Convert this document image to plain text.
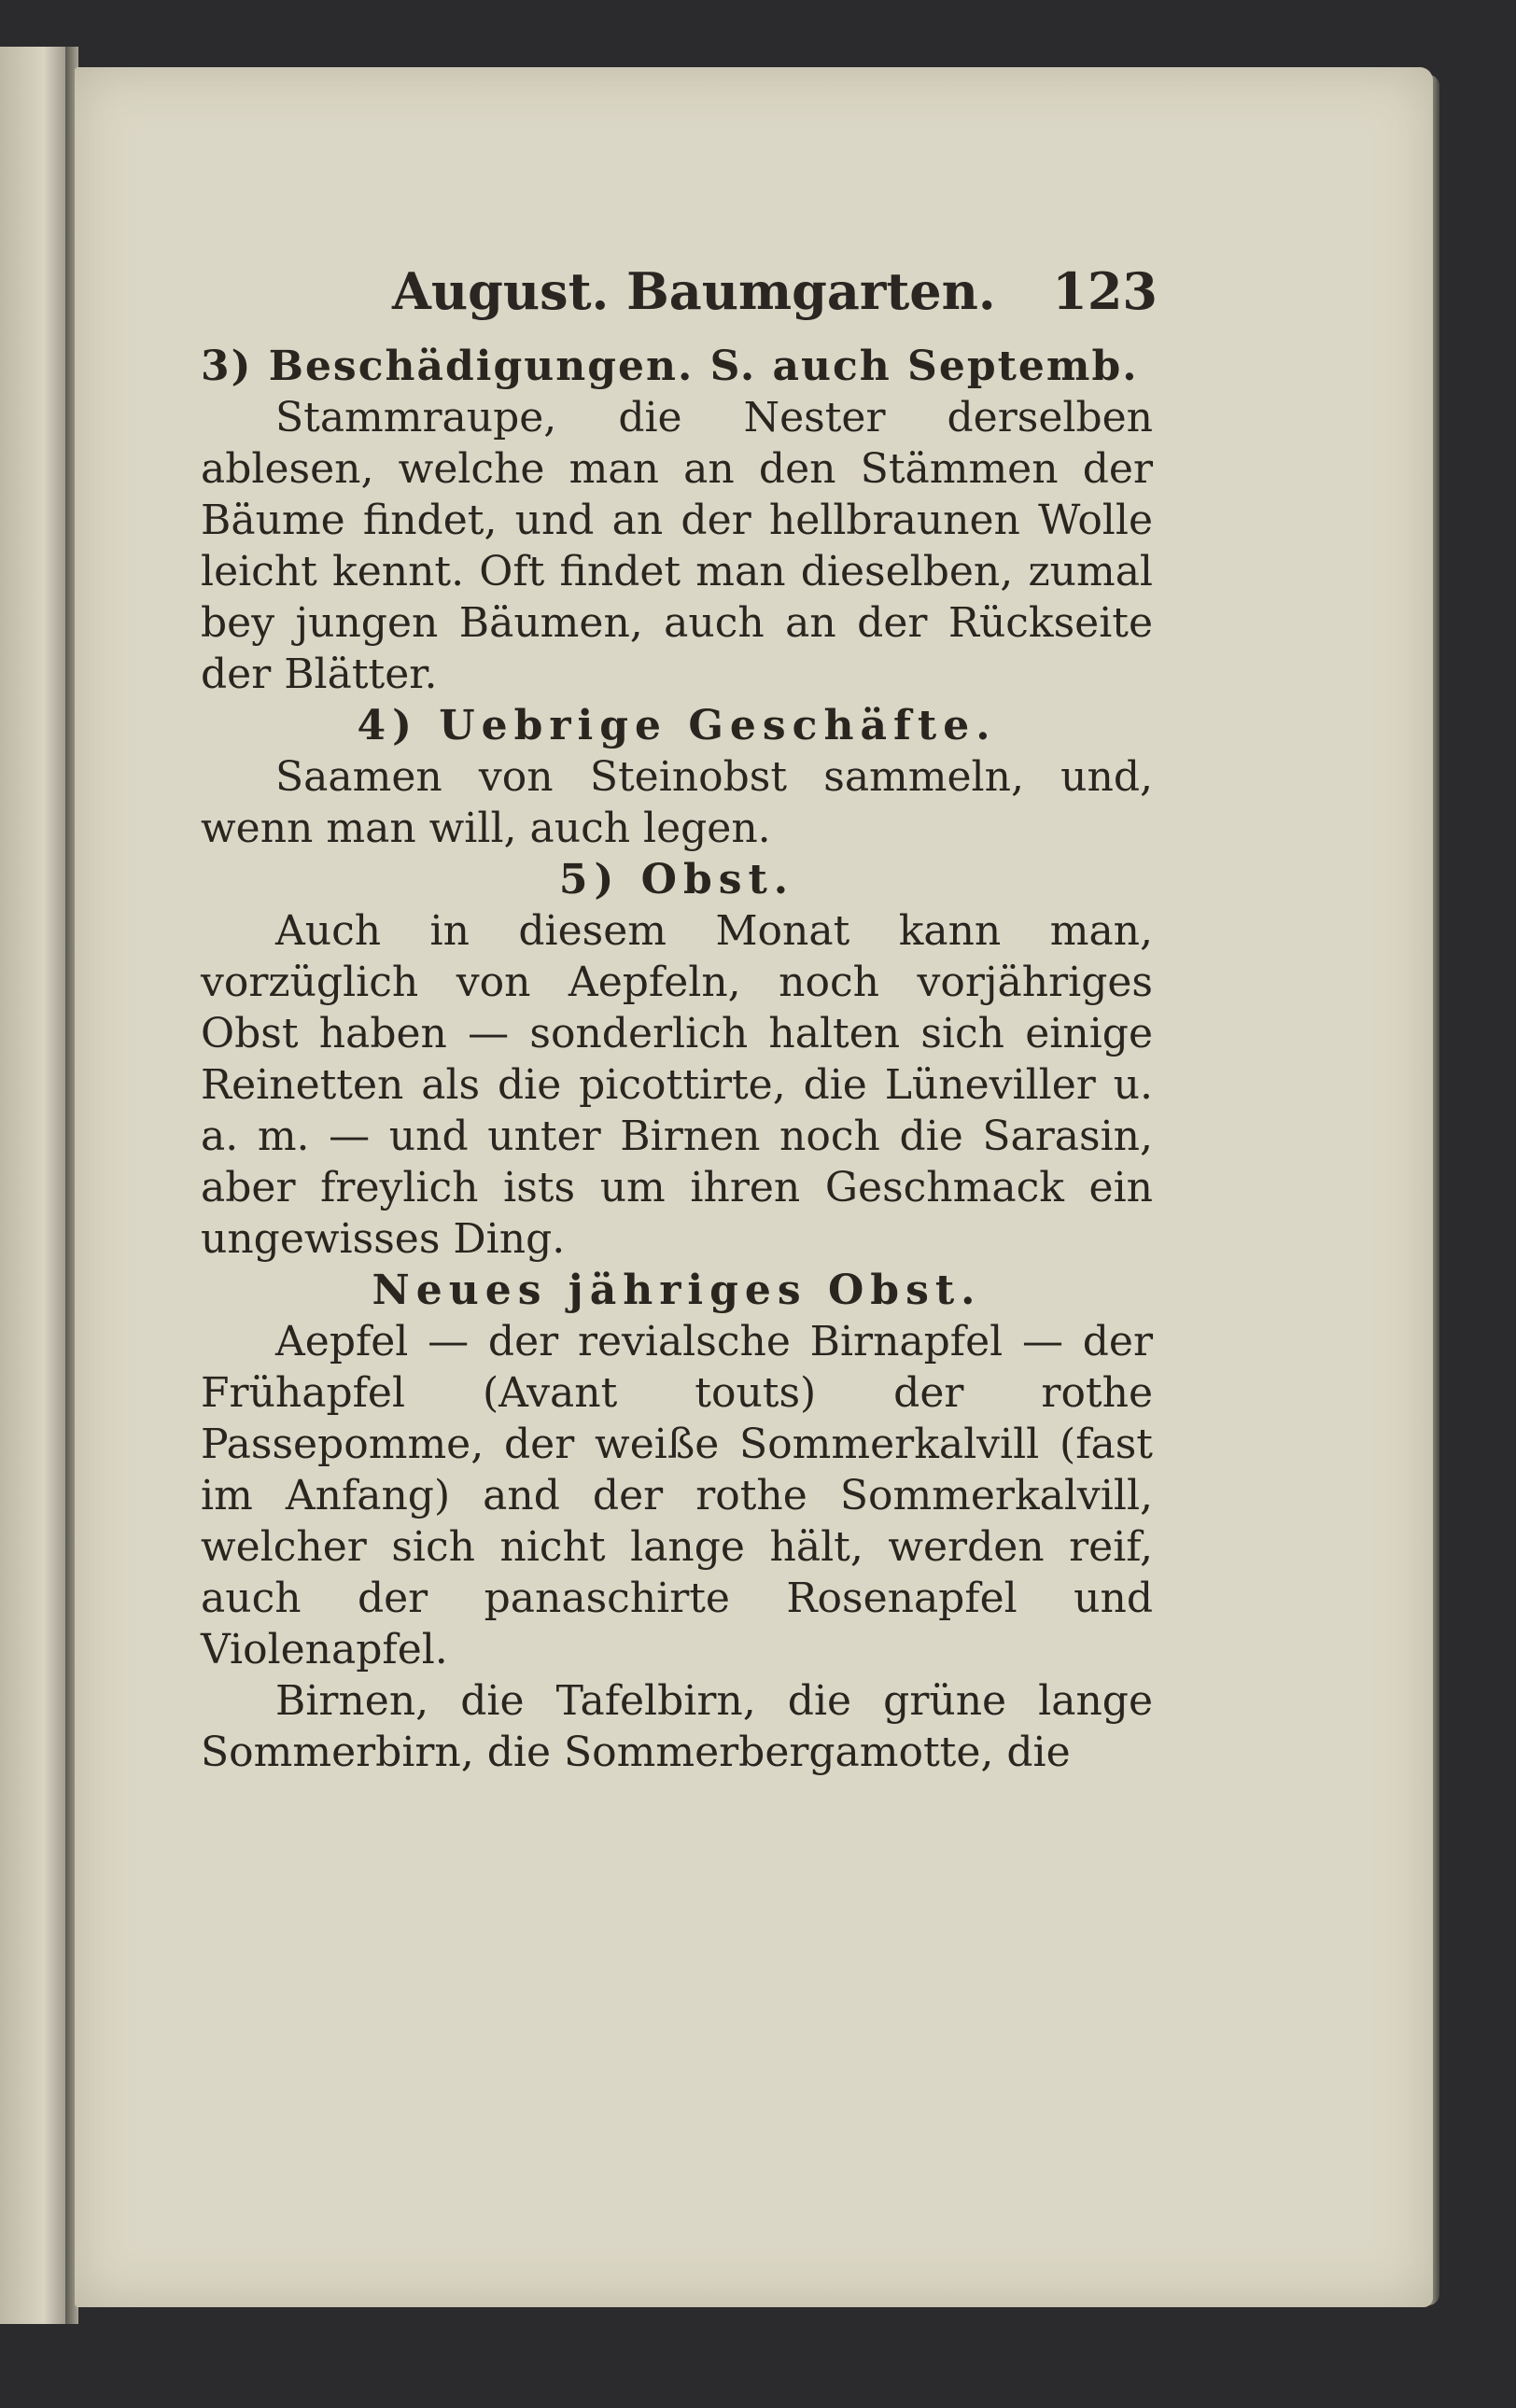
August. Baumgarten. 123

3) Beschädigungen. S. auch Septemb.

Stammraupe, die Nester derselben ablesen, welche man an den Stämmen der Bäume findet, und an der hellbraunen Wolle leicht kennt. Oft findet man dieselben, zumal bey jungen Bäumen, auch an der Rückseite der Blätter.

4) Uebrige Geschäfte.

Saamen von Steinobst sammeln, und, wenn man will, auch legen.

5) Obst.

Auch in diesem Monat kann man, vorzüglich von Aepfeln, noch vorjähriges Obst haben — sonderlich halten sich einige Reinetten als die picottirte, die Lüneviller u. a. m. — und unter Birnen noch die Sarasin, aber freylich ists um ihren Geschmack ein ungewisses Ding.

Neues jähriges Obst.

Aepfel — der revialsche Birnapfel — der Frühapfel (Avant touts) der rothe Passepomme, der weiße Sommerkalvill (fast im Anfang) and der rothe Sommerkalvill, welcher sich nicht lange hält, werden reif, auch der panaschirte Rosenapfel und Violenapfel.

Birnen, die Tafelbirn, die grüne lange Sommerbirn, die Sommerbergamotte, die
